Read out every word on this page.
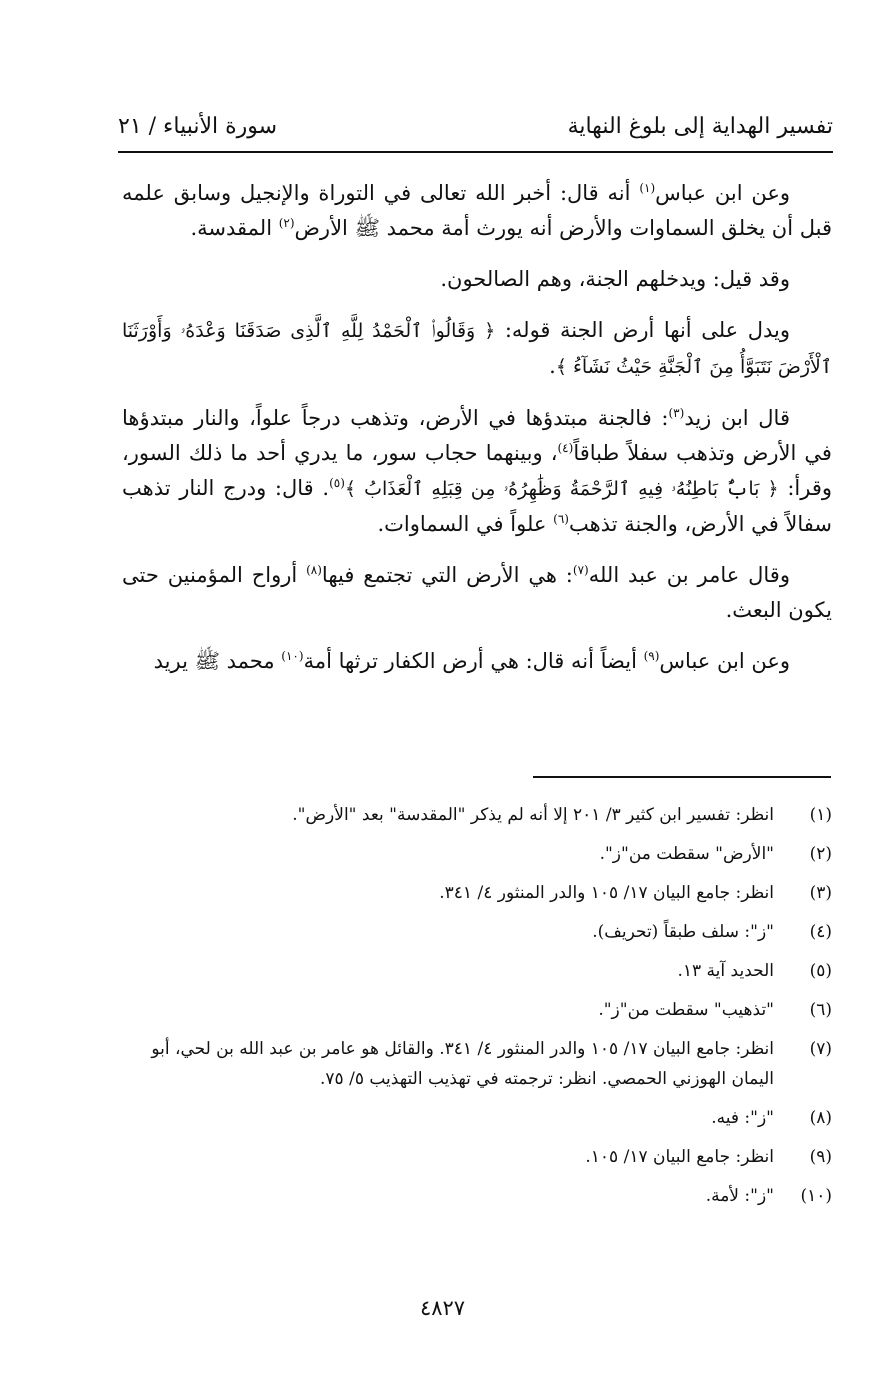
تفسير الهداية إلى بلوغ النهاية
سورة الأنبياء / ٢١

وعن ابن عباس$^{(١)}$ أنه قال: أخبر الله تعالى في التوراة والإنجيل وسابق علمه قبل أن يخلق السماوات والأرض أنه يورث أمة محمد ﷺ الأرض$^{(٢)}$ المقدسة.

وقد قيل: ويدخلهم الجنة، وهم الصالحون.

ويدل على أنها أرض الجنة قوله: ﴿ وَقَالُوا۟ ٱلْحَمْدُ لِلَّهِ ٱلَّذِى صَدَقَنَا وَعْدَهُۥ وَأَوْرَثَنَا ٱلْأَرْضَ نَتَبَوَّأُ مِنَ ٱلْجَنَّةِ حَيْثُ نَشَآءُ ﴾.

قال ابن زيد$^{(٣)}$: فالجنة مبتدؤها في الأرض، وتذهب درجاً علواً، والنار مبتدؤها في الأرض وتذهب سفلاً طباقاً$^{(٤)}$، وبينهما حجاب سور، ما يدري أحد ما ذلك السور، وقرأ: ﴿ بَابٌۢ بَاطِنُهُۥ فِيهِ ٱلرَّحْمَةُ وَظَٰهِرُهُۥ مِن قِبَلِهِ ٱلْعَذَابُ ﴾$^{(٥)}$. قال: ودرج النار تذهب سفالاً في الأرض، والجنة تذهب$^{(٦)}$ علواً في السماوات.

وقال عامر بن عبد الله$^{(٧)}$: هي الأرض التي تجتمع فيها$^{(٨)}$ أرواح المؤمنين حتى يكون البعث.

وعن ابن عباس$^{(٩)}$ أيضاً أنه قال: هي أرض الكفار ترثها أمة$^{(١٠)}$ محمد ﷺ يريد

(١)
انظر: تفسير ابن كثير ٣/ ٢٠١ إلا أنه لم يذكر "المقدسة" بعد "الأرض".
(٢)
"الأرض" سقطت من"ز".
(٣)
انظر: جامع البيان ١٧/ ١٠٥ والدر المنثور ٤/ ٣٤١.
(٤)
"ز": سلف طبقاً (تحريف).
(٥)
الحديد آية ١٣.
(٦)
"تذهيب" سقطت من"ز".
(٧)
انظر: جامع البيان ١٧/ ١٠٥ والدر المنثور ٤/ ٣٤١. والقائل هو عامر بن عبد الله بن لحي، أبو اليمان الهوزني الحمصي. انظر: ترجمته في تهذيب التهذيب ٥/ ٧٥.
(٨)
"ز": فيه.
(٩)
انظر: جامع البيان ١٧/ ١٠٥.
(١٠)
"ز": لأمة.
٤٨٢٧
